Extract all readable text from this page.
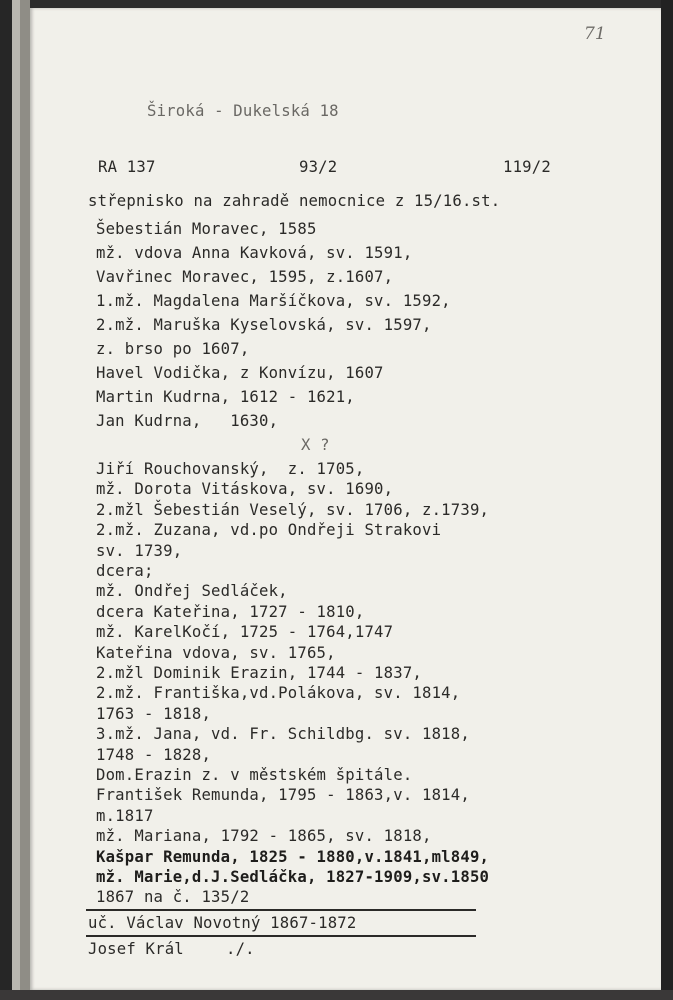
71
Široká - Dukelská 18
RA 137	93/2	119/2
střepnisko na zahradě nemocnice z 15/16.st.
Šebestián Moravec, 1585
mž. vdova Anna Kavková, sv. 1591,
Vavřinec Moravec, 1595, z.1607,
1.mž. Magdalena Maršíčkova, sv. 1592,
2.mž. Maruška Kyselovská, sv. 1597,
z. brso po 1607,
Havel Vodička, z Konvízu, 1607
Martin Kudrna, 1612 - 1621,
Jan Kudrna,   1630,
X ?
Jiří Rouchovanský,  z. 1705,
mž. Dorota Vitáskova, sv. 1690,
2.mžl Šebestián Veselý, sv. 1706, z.1739,
2.mž. Zuzana, vd.po Ondřeji Strakovi
sv. 1739,
dcera;
mž. Ondřej Sedláček,
dcera Kateřina, 1727 - 1810,
mž. KarelKočí, 1725 - 1764,1747
Kateřina vdova, sv. 1765,
2.mžl Dominik Erazin, 1744 - 1837,
2.mž. Františka,vd.Polákova, sv. 1814,
1763 - 1818,
3.mž. Jana, vd. Fr. Schildbg. sv. 1818,
1748 - 1828,
Dom.Erazin z. v městském špitále.
František Remunda, 1795 - 1863,v. 1814,
m.1817
mž. Mariana, 1792 - 1865, sv. 1818,
Kašpar Remunda, 1825 - 1880,v.1841,ml849,
mž. Marie,d.J.Sedláčka, 1827-1909,sv.1850
1867 na č. 135/2
uč. Václav Novotný 1867-1872
Josef Král	./.
